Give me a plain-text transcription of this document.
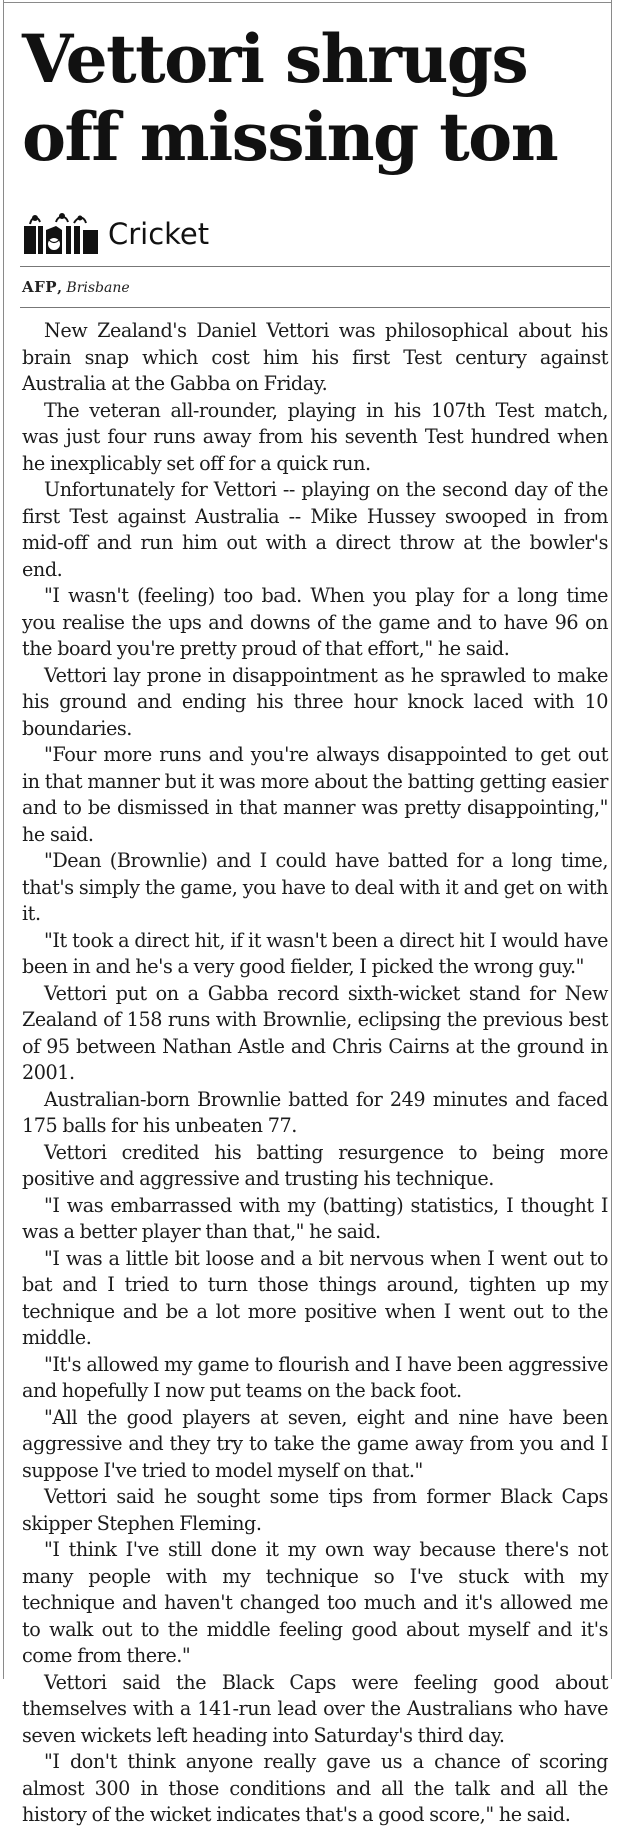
Vettori shrugs off missing ton
Cricket
AFP, Brisbane

New Zealand's Daniel Vettori was philosophical about his brain snap which cost him his first Test century against Australia at the Gabba on Friday.

The veteran all-rounder, playing in his 107th Test match, was just four runs away from his seventh Test hundred when he inexplicably set off for a quick run.

Unfortunately for Vettori -- playing on the second day of the first Test against Australia -- Mike Hussey swooped in from mid-off and run him out with a direct throw at the bowler's end.

"I wasn't (feeling) too bad. When you play for a long time you realise the ups and downs of the game and to have 96 on the board you're pretty proud of that effort," he said.

Vettori lay prone in disappointment as he sprawled to make his ground and ending his three hour knock laced with 10 boundaries.

"Four more runs and you're always disappointed to get out in that manner but it was more about the batting getting easier and to be dismissed in that manner was pretty disappointing," he said.

"Dean (Brownlie) and I could have batted for a long time, that's simply the game, you have to deal with it and get on with it.

"It took a direct hit, if it wasn't been a direct hit I would have been in and he's a very good fielder, I picked the wrong guy."

Vettori put on a Gabba record sixth-wicket stand for New Zealand of 158 runs with Brownlie, eclipsing the previous best of 95 between Nathan Astle and Chris Cairns at the ground in 2001.

Australian-born Brownlie batted for 249 minutes and faced 175 balls for his unbeaten 77.

Vettori credited his batting resurgence to being more positive and aggressive and trusting his technique.

"I was embarrassed with my (batting) statistics, I thought I was a better player than that," he said.

"I was a little bit loose and a bit nervous when I went out to bat and I tried to turn those things around, tighten up my technique and be a lot more positive when I went out to the middle.

"It's allowed my game to flourish and I have been aggressive and hopefully I now put teams on the back foot.

"All the good players at seven, eight and nine have been aggressive and they try to take the game away from you and I suppose I've tried to model myself on that."

Vettori said he sought some tips from former Black Caps skipper Stephen Fleming.

"I think I've still done it my own way because there's not many people with my technique so I've stuck with my technique and haven't changed too much and it's allowed me to walk out to the middle feeling good about myself and it's come from there."

Vettori said the Black Caps were feeling good about themselves with a 141-run lead over the Australians who have seven wickets left heading into Saturday's third day.

"I don't think anyone really gave us a chance of scoring almost 300 in those conditions and all the talk and all the history of the wicket indicates that's a good score," he said.
